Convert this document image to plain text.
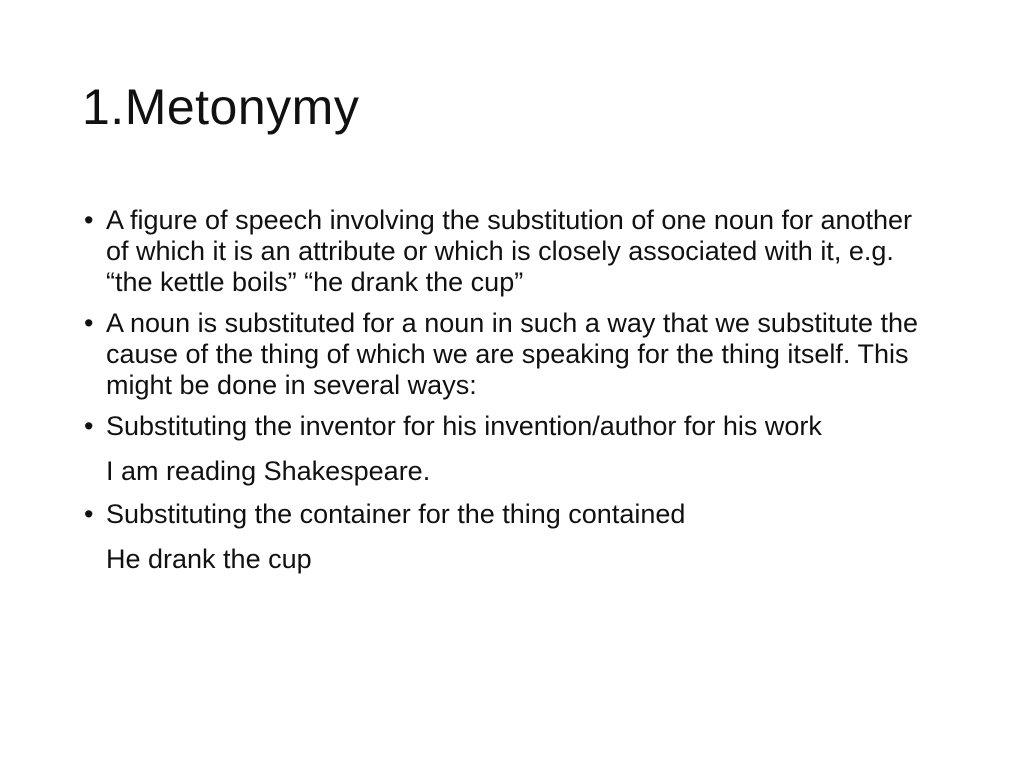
1.Metonymy
• A figure of speech involving the substitution of one noun for another of which it is an attribute or which is closely associated with it, e.g. “the kettle boils” “he drank the cup”
• A noun is substituted for a noun in such a way that we substitute the cause of the thing of which we are speaking for the thing itself. This might be done in several ways:
• Substituting the inventor for his invention/author for his work
I am reading Shakespeare.
• Substituting the container for the thing contained
He drank the cup
